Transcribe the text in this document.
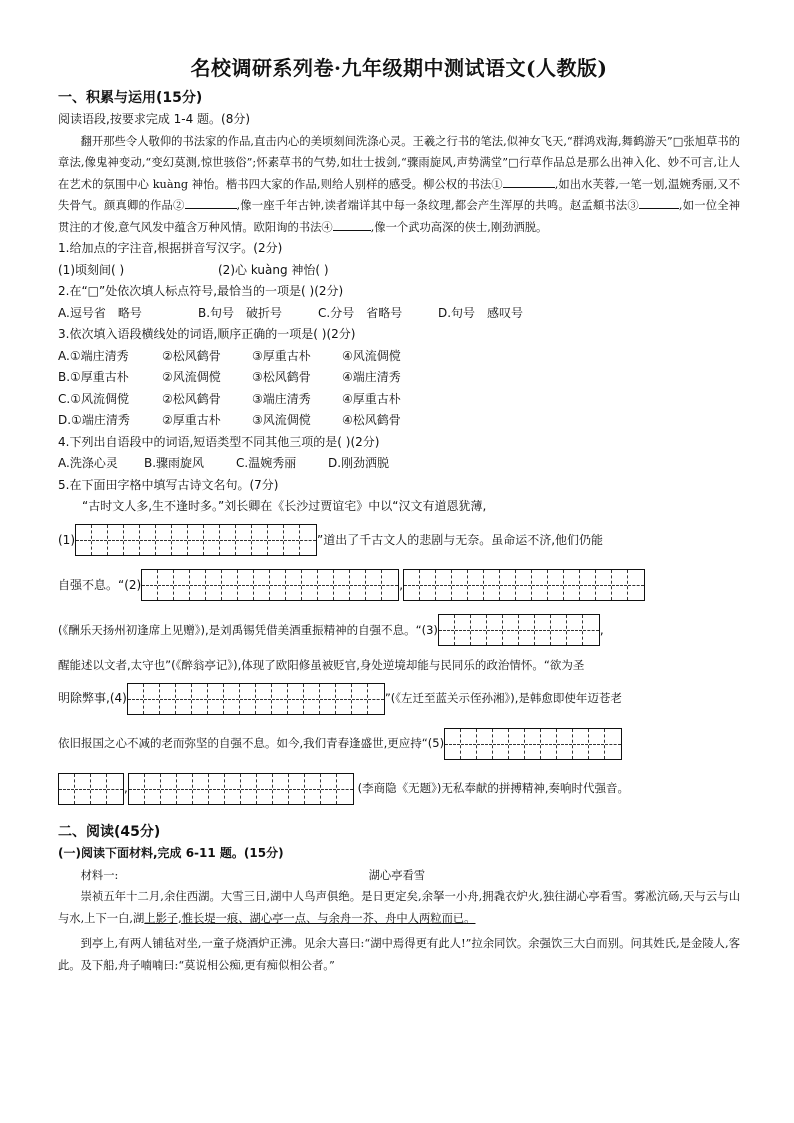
名校调研系列卷·九年级期中测试语文(人教版)
一、积累与运用(15分)
阅读语段,按要求完成 1-4 题。(8分)
翻开那些令人敬仰的书法家的作品,直击内心的美顷刻间洗涤心灵。王羲之行书的笔法,似神女飞天,“群鸿戏海,舞鹤游天”□张旭草书的章法,像鬼神变动,“变幻莫测,惊世骇俗”;怀素草书的气势,如壮士拔剑,“骤雨旋风,声势满堂”□行草作品总是那么出神入化、妙不可言,让人在艺术的氛围中心 kuàng 神怡。楷书四大家的作品,则给人别样的感受。柳公权的书法①	,如出水芙蓉,一笔一划,温婉秀丽,又不失骨气。颜真卿的作品②	,像一座千年古钟,读者端详其中每一条纹理,都会产生浑厚的共鸣。赵孟頫书法③	,如一位全神贯注的才俊,意气风发中蕴含万种风情。欧阳询的书法④	,像一个武功高深的侠士,刚劲洒脱。
1.给加点的字注音,根据拼音写汉字。(2分)
(1)顷刻间( )	(2)心 kuàng 神怡( )
2.在“□”处依次填人标点符号,最恰当的一项是( )(2分)
A.逗号省　略号	B.句号　破折号	C.分号　省略号	D.句号　感叹号
3.依次填入语段横线处的词语,顺序正确的一项是( )(2分)
A.①端庄清秀	②松风鹤骨	③厚重古朴	④风流倜傥
B.①厚重古朴	②风流倜傥	③松风鹤骨	④端庄清秀
C.①风流倜傥	②松风鹤骨	③端庄清秀	④厚重古朴
D.①端庄清秀	②厚重古朴	③风流倜傥	④松风鹤骨
4.下列出自语段中的词语,短语类型不同其他三项的是( )(2分)
A.洗涤心灵 B.骤雨旋风	C.温婉秀丽	D.刚劲洒脱
5.在下面田字格中填写古诗文名句。(7分)
“古时文人多,生不逢时多。”刘长卿在《长沙过贾谊宅》中以“汉文有道恩犹薄,
(1)	”道出了千古文人的悲剧与无奈。虽命运不济,他们仍能
自强不息。“(2)	,
(《酬乐天扬州初逢席上见赠》),是刘禹锡凭借美酒重振精神的自强不息。“(3)	,
醒能述以文者,太守也”(《醉翁亭记》),体现了欧阳修虽被贬官,身处逆境却能与民同乐的政治情怀。“欲为圣
明除弊事,(4)	”(《左迁至蓝关示侄孙湘》),是韩愈即使年迈苍老
依旧报国之心不减的老而弥坚的自强不息。如今,我们青春逢盛世,更应持“(5)
,	(李商隐《无题》)无私奉献的拼搏精神,奏响时代强音。
二、阅读(45分)
(一)阅读下面材料,完成 6-11 题。(15分)
材料一:	湖心亭看雪
崇祯五年十二月,余住西湖。大雪三日,湖中人鸟声俱绝。是日更定矣,余拏一小舟,拥毳衣炉火,独往湖心亭看雪。雾凇沆砀,天与云与山与水,上下一白,湖上影子,惟长堤一痕、湖心亭一点、与余舟一芥、舟中人两粒而已。
到亭上,有两人铺毡对坐,一童子烧酒炉正沸。见余大喜曰:“湖中焉得更有此人!”拉余同饮。余强饮三大白而别。问其姓氏,是金陵人,客此。及下船,舟子喃喃曰:“莫说相公痴,更有痴似相公者。”
